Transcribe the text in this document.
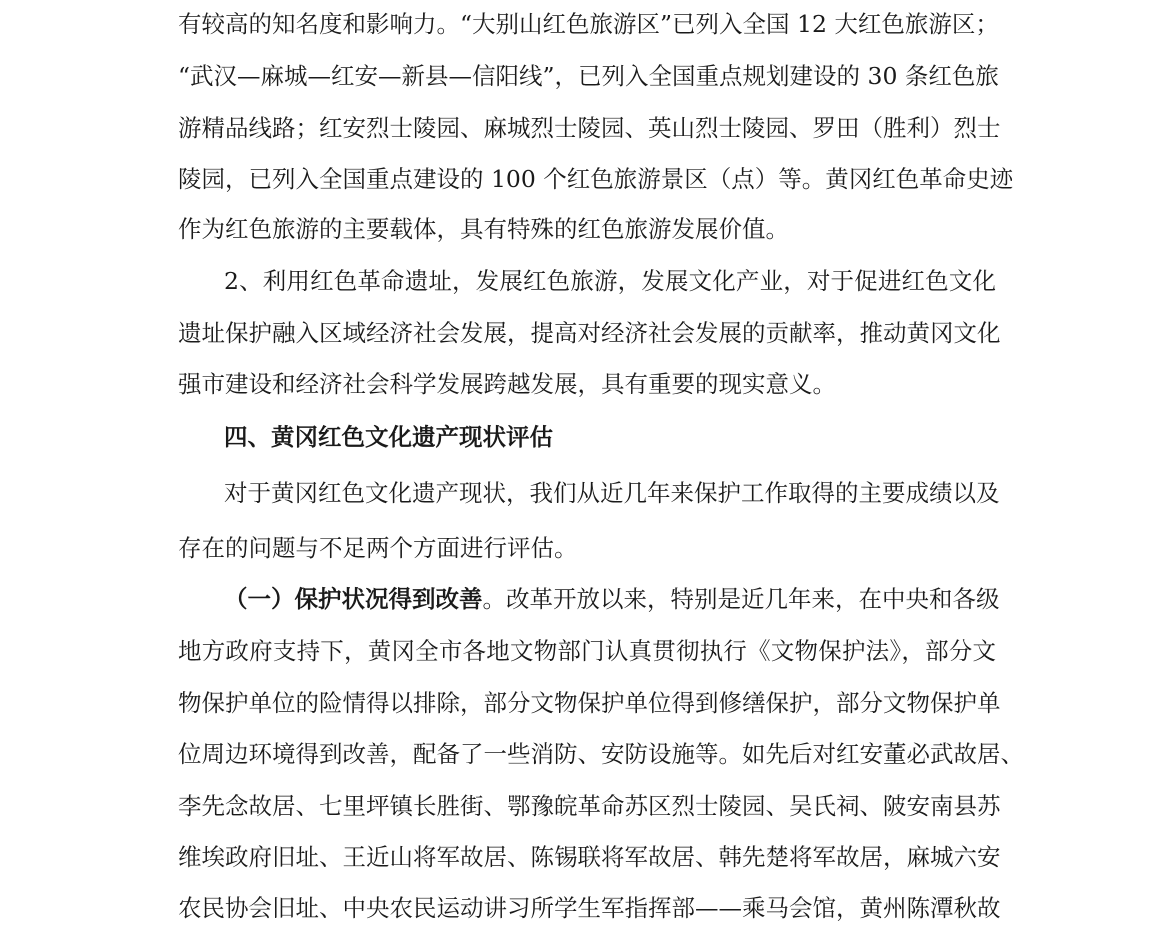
有较高的知名度和影响力。“大别山红色旅游区”已列入全国 12 大红色旅游区；
“武汉—麻城—红安—新县—信阳线”，已列入全国重点规划建设的 30 条红色旅
游精品线路；红安烈士陵园、麻城烈士陵园、英山烈士陵园、罗田（胜利）烈士
陵园，已列入全国重点建设的 100 个红色旅游景区（点）等。黄冈红色革命史迹
作为红色旅游的主要载体，具有特殊的红色旅游发展价值。
2、利用红色革命遗址，发展红色旅游，发展文化产业，对于促进红色文化
遗址保护融入区域经济社会发展，提高对经济社会发展的贡献率，推动黄冈文化
强市建设和经济社会科学发展跨越发展，具有重要的现实意义。
四、黄冈红色文化遗产现状评估
对于黄冈红色文化遗产现状，我们从近几年来保护工作取得的主要成绩以及
存在的问题与不足两个方面进行评估。
（一）保护状况得到改善。改革开放以来，特别是近几年来，在中央和各级
地方政府支持下，黄冈全市各地文物部门认真贯彻执行《文物保护法》，部分文
物保护单位的险情得以排除，部分文物保护单位得到修缮保护，部分文物保护单
位周边环境得到改善，配备了一些消防、安防设施等。如先后对红安董必武故居、
李先念故居、七里坪镇长胜街、鄂豫皖革命苏区烈士陵园、吴氏祠、陂安南县苏
维埃政府旧址、王近山将军故居、陈锡联将军故居、韩先楚将军故居，麻城六安
农民协会旧址、中央农民运动讲习所学生军指挥部——乘马会馆，黄州陈潭秋故
